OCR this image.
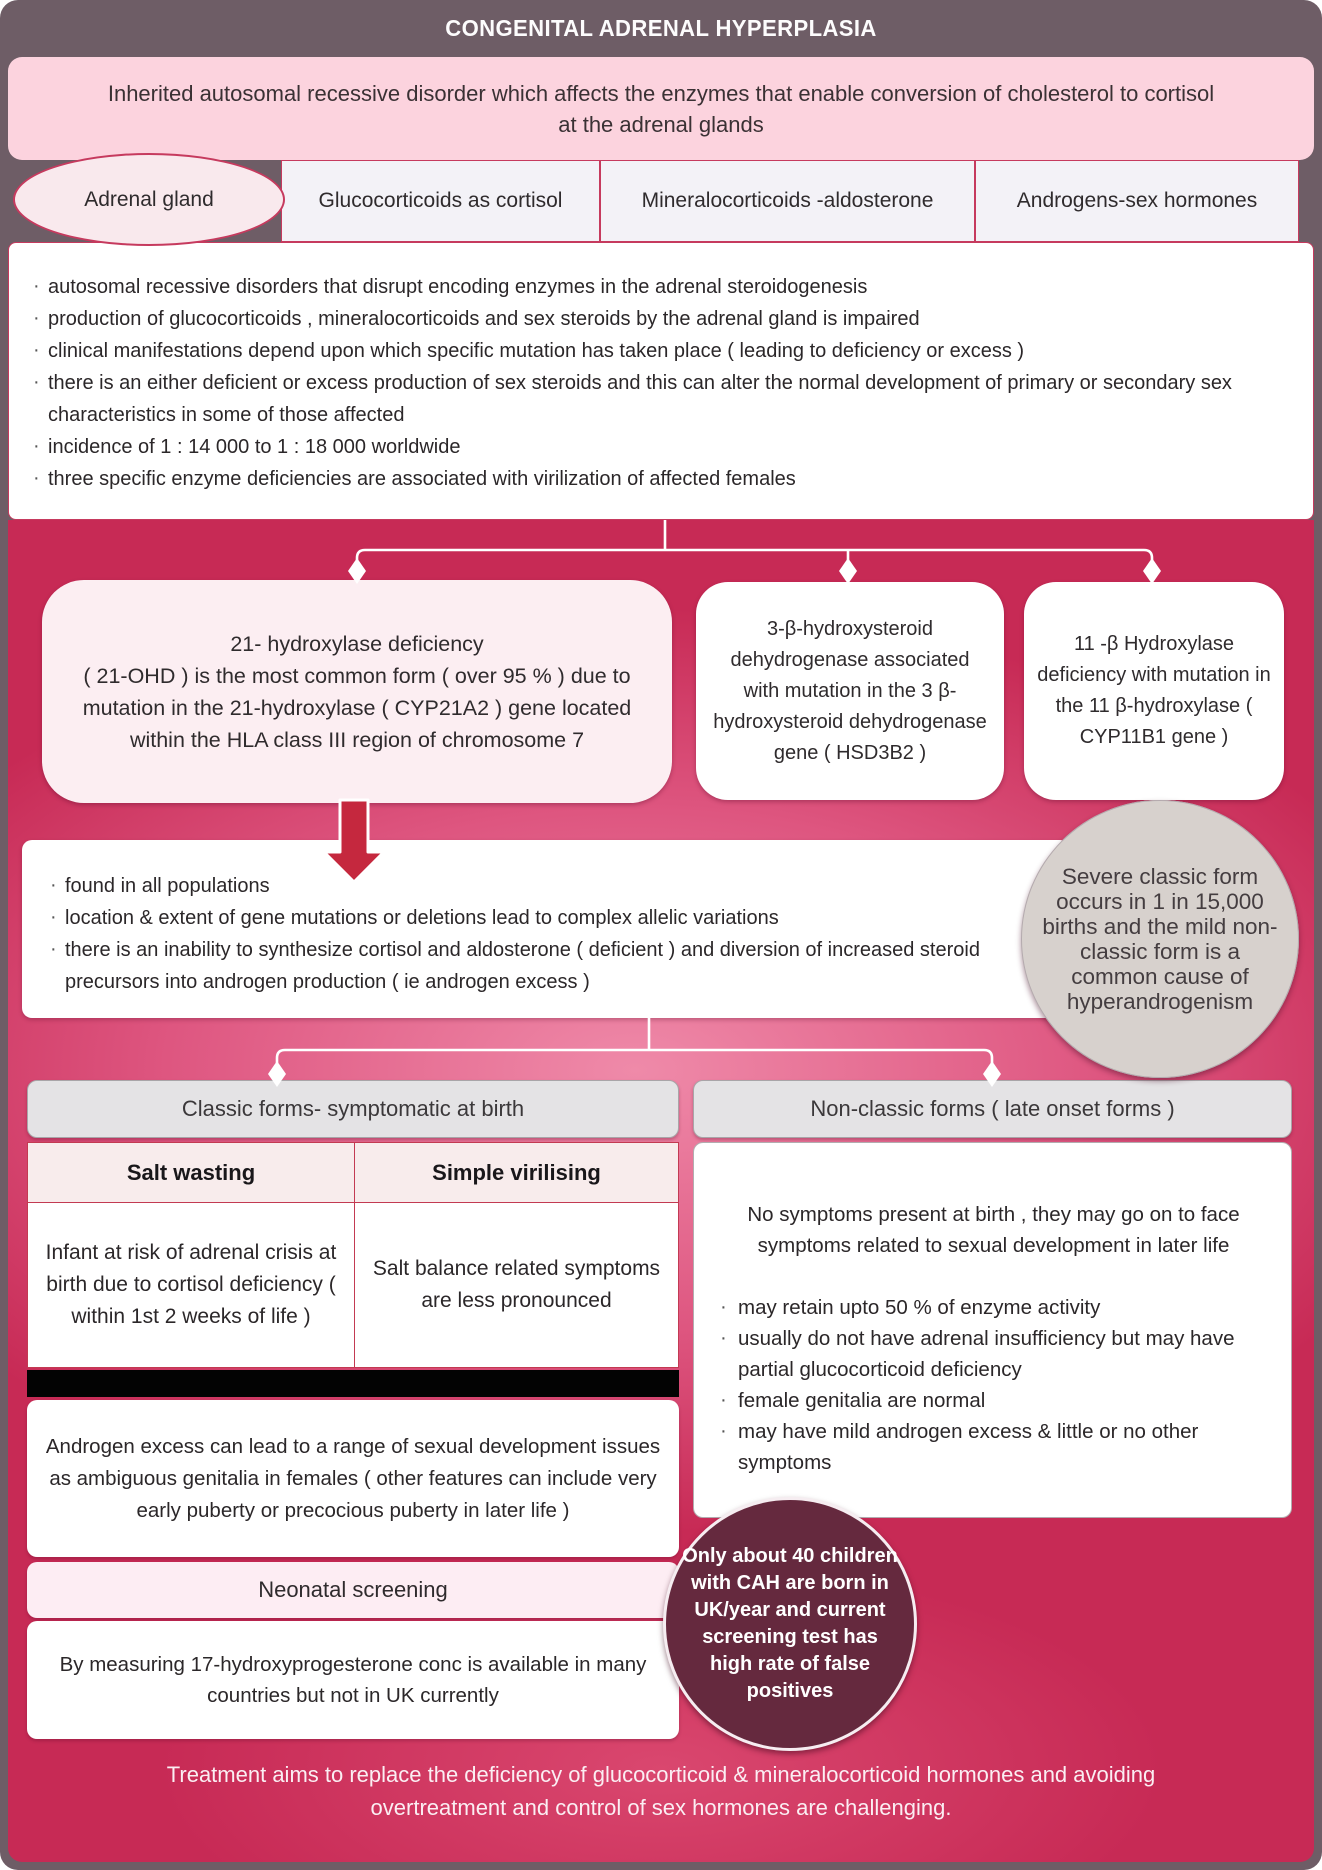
CONGENITAL ADRENAL HYPERPLASIA
Inherited autosomal recessive disorder which affects the enzymes that enable conversion of cholesterol to cortisol at the adrenal glands
Adrenal gland	Glucocorticoids as cortisol	Mineralocorticoids -aldosterone	Androgens-sex hormones
· autosomal recessive disorders that disrupt encoding enzymes in the adrenal steroidogenesis
· production of glucocorticoids , mineralocorticoids and sex steroids by the adrenal gland is impaired
· clinical manifestations depend upon which specific mutation has taken place ( leading to deficiency or excess )
· there is an either deficient or excess production of sex steroids and this can alter the normal development of primary or secondary sex characteristics in some of those affected
· incidence of 1 : 14 000 to 1 : 18 000 worldwide
· three specific enzyme deficiencies are associated with virilization of affected females
21- hydroxylase deficiency
( 21-OHD ) is the most common form ( over 95 % ) due to mutation in the 21-hydroxylase ( CYP21A2 ) gene located within the HLA class III region of chromosome 7
3-β-hydroxysteroid dehydrogenase associated with mutation in the 3 β-hydroxysteroid dehydrogenase gene ( HSD3B2 )
11 -β Hydroxylase deficiency with mutation in the 11 β-hydroxylase ( CYP11B1 gene )
· found in all populations
· location & extent of gene mutations or deletions lead to complex allelic variations
· there is an inability to synthesize cortisol and aldosterone ( deficient ) and diversion of increased steroid precursors into androgen production ( ie androgen excess )
Severe classic form occurs in 1 in 15,000 births and the mild non-classic form is a common cause of hyperandrogenism
Classic forms- symptomatic at birth
Salt wasting	Simple virilising
Infant at risk of adrenal crisis at birth due to cortisol deficiency ( within 1st 2 weeks of life )
Salt balance related symptoms are less pronounced
Androgen excess can lead to a range of sexual development issues as ambiguous genitalia in females ( other features can include very early puberty or precocious puberty in later life )
Neonatal screening
By measuring 17-hydroxyprogesterone conc is available in many countries but not in UK currently
Non-classic forms ( late onset forms )

No symptoms present at birth , they may go on to face symptoms related to sexual development in later life

· may retain upto 50 % of enzyme activity
· usually do not have adrenal insufficiency but may have partial glucocorticoid deficiency
· female genitalia are normal
· may have mild androgen excess & little or no other symptoms
Only about 40 children with CAH are born in UK/year and current screening test has high rate of false positives
Treatment aims to replace the deficiency of glucocorticoid & mineralocorticoid hormones and avoiding overtreatment and control of sex hormones are challenging.
